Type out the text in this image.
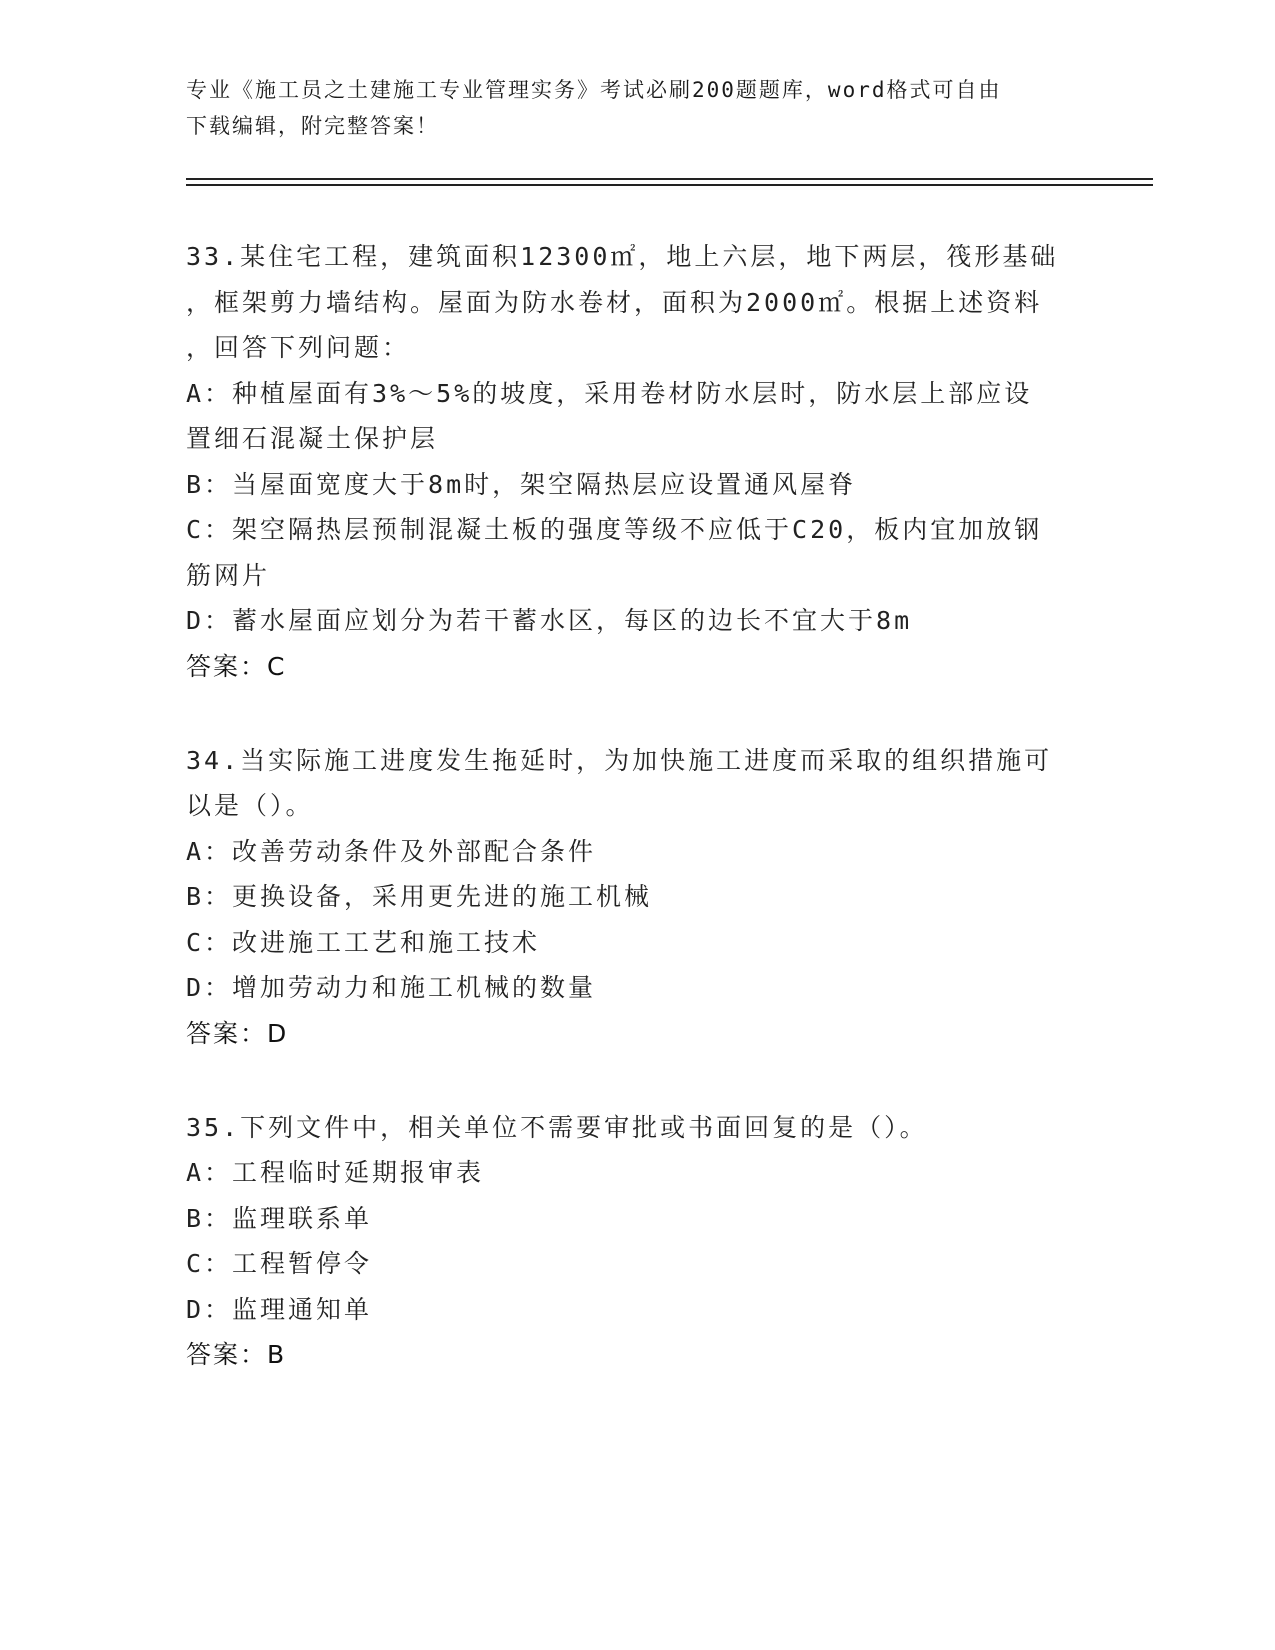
专业《施工员之土建施工专业管理实务》考试必刷200题题库，word格式可自由
下载编辑，附完整答案！
33.某住宅工程，建筑面积12300㎡，地上六层，地下两层，筏形基础
，框架剪力墙结构。屋面为防水卷材，面积为2000㎡。根据上述资料
，回答下列问题：
A：种植屋面有3%～5%的坡度，采用卷材防水层时，防水层上部应设
置细石混凝土保护层
B：当屋面宽度大于8m时，架空隔热层应设置通风屋脊
C：架空隔热层预制混凝土板的强度等级不应低于C20，板内宜加放钢
筋网片
D：蓄水屋面应划分为若干蓄水区，每区的边长不宜大于8m
答案：C
34.当实际施工进度发生拖延时，为加快施工进度而采取的组织措施可
以是（）。
A：改善劳动条件及外部配合条件
B：更换设备，采用更先进的施工机械
C：改进施工工艺和施工技术
D：增加劳动力和施工机械的数量
答案：D
35.下列文件中，相关单位不需要审批或书面回复的是（）。
A：工程临时延期报审表
B：监理联系单
C：工程暂停令
D：监理通知单
答案：B
